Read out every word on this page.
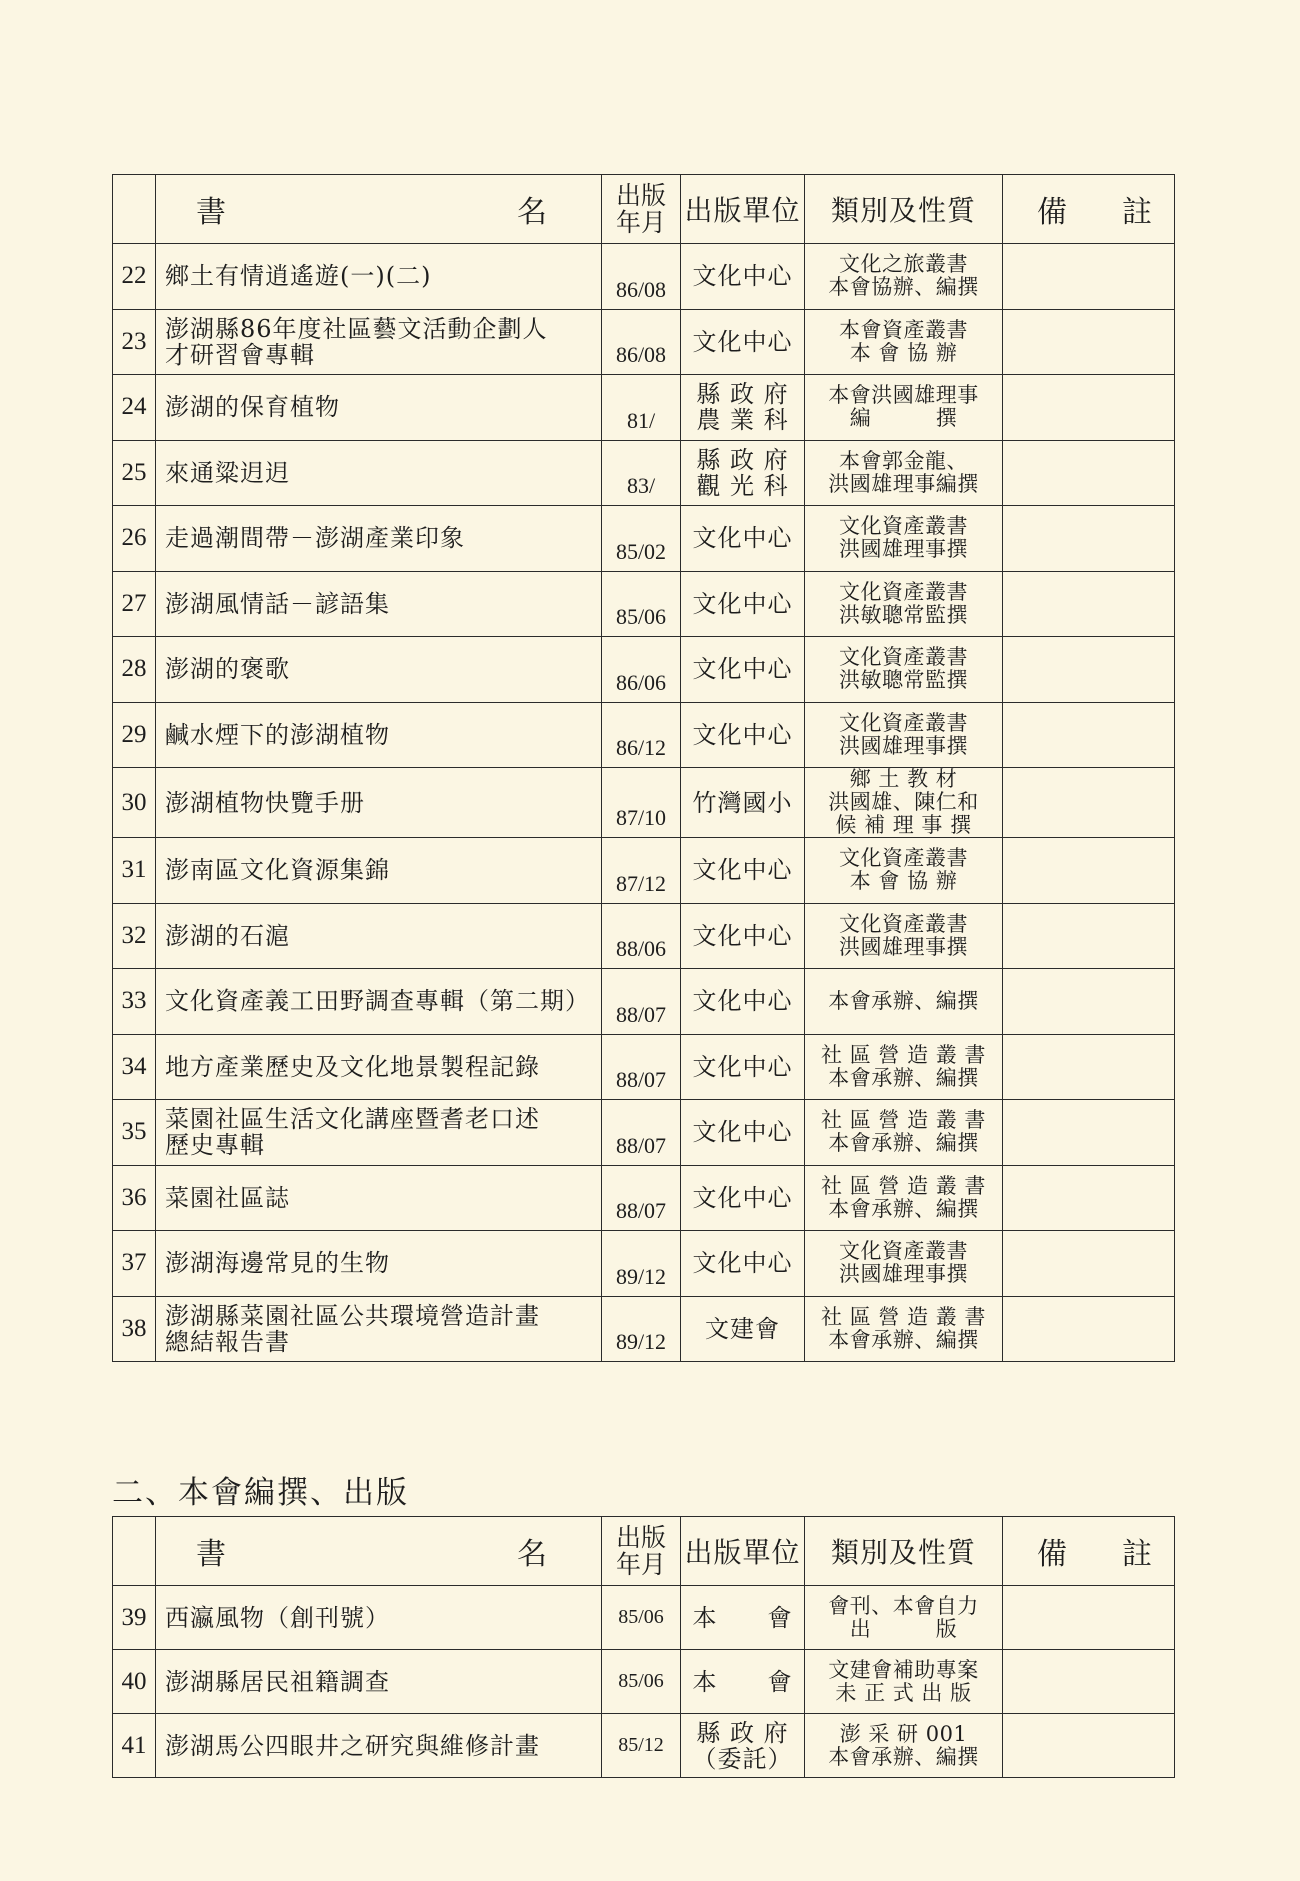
	書 名	出版
年月	出版單位	類別及性質	備 註

22	鄉土有情逍遙遊(一)(二)	86/08	文化中心	文化之旅叢書
本會協辦、編撰	

23	澎湖縣86年度社區藝文活動企劃人
才研習會專輯	86/08	文化中心	本會資產叢書
本 會 協 辦	

24	澎湖的保育植物	81/	縣 政 府
農 業 科	本會洪國雄理事
編　　　撰	

25	來通粱迌迌	83/	縣 政 府
觀 光 科	本會郭金龍、
洪國雄理事編撰	

26	走過潮間帶－澎湖產業印象	85/02	文化中心	文化資產叢書
洪國雄理事撰	

27	澎湖風情話－諺語集	85/06	文化中心	文化資產叢書
洪敏聰常監撰	

28	澎湖的褒歌	86/06	文化中心	文化資產叢書
洪敏聰常監撰	

29	鹹水煙下的澎湖植物	86/12	文化中心	文化資產叢書
洪國雄理事撰	

30	澎湖植物快覽手册	87/10	竹灣國小	鄉 土 教 材
洪國雄、陳仁和
候 補 理 事 撰	

31	澎南區文化資源集錦	87/12	文化中心	文化資產叢書
本 會 協 辦	

32	澎湖的石滬	88/06	文化中心	文化資產叢書
洪國雄理事撰	

33	文化資產義工田野調查專輯（第二期）	88/07	文化中心	本會承辦、編撰	

34	地方產業歷史及文化地景製程記錄	88/07	文化中心	社 區 營 造 叢 書
本會承辦、編撰	

35	菜園社區生活文化講座暨耆老口述
歷史專輯	88/07	文化中心	社 區 營 造 叢 書
本會承辦、編撰	

36	菜園社區誌	88/07	文化中心	社 區 營 造 叢 書
本會承辦、編撰	

37	澎湖海邊常見的生物	89/12	文化中心	文化資產叢書
洪國雄理事撰	

38	澎湖縣菜園社區公共環境營造計畫
總結報告書	89/12	文建會	社 區 營 造 叢 書
本會承辦、編撰	

二、本會編撰、出版

	書 名	出版
年月	出版單位	類別及性質	備 註

39	西瀛風物（創刊號）	85/06	本　　會	會刊、本會自力
出　　　版	

40	澎湖縣居民祖籍調查	85/06	本　　會	文建會補助專案
未 正 式 出 版	

41	澎湖馬公四眼井之研究與維修計畫	85/12	縣 政 府
（委託）	澎 采 研 001
本會承辦、編撰	
